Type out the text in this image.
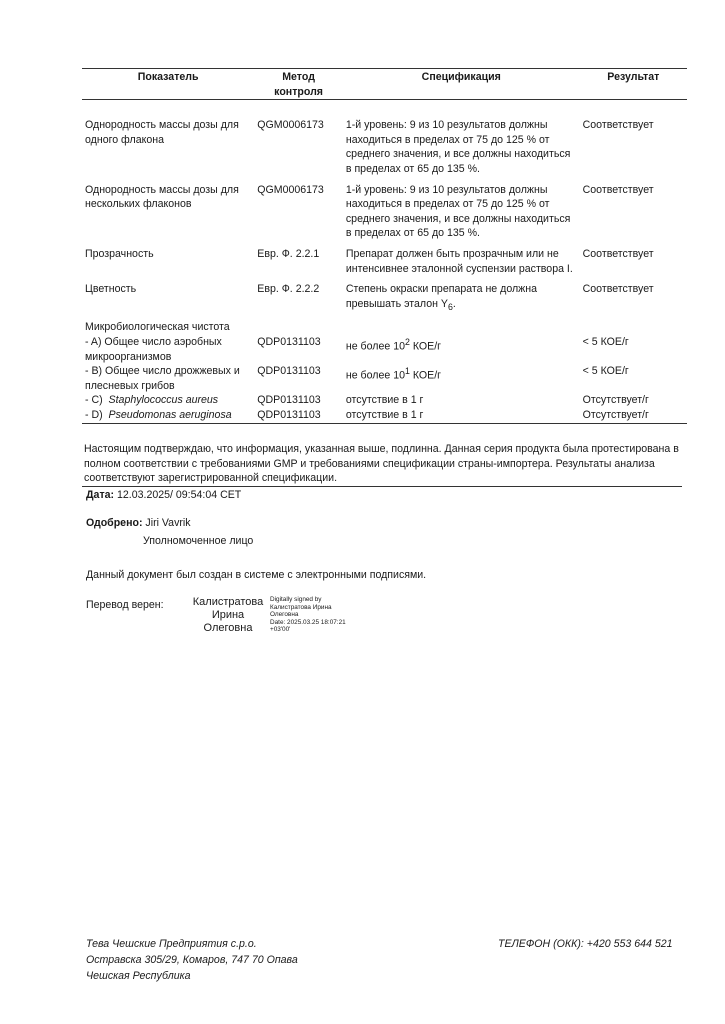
Показатель	Метод контроля	Спецификация	Результат

Однородность массы дозы для одного флакона	QGM0006173	1-й уровень: 9 из 10 результатов должны находиться в пределах от 75 до 125 % от среднего значения, и все должны находиться в пределах от 65 до 135 %.	Соответствует
Однородность массы дозы для нескольких флаконов	QGM0006173	1-й уровень: 9 из 10 результатов должны находиться в пределах от 75 до 125 % от среднего значения, и все должны находиться в пределах от 65 до 135 %.	Соответствует
Прозрачность	Евр. Ф. 2.2.1	Препарат должен быть прозрачным или не интенсивнее эталонной суспензии раствора I.	Соответствует
Цветность	Евр. Ф. 2.2.2	Степень окраски препарата не должна превышать эталон $Y_6$.	Соответствует
Микробиологическая чистота			
- A) Общее число аэробных микроорганизмов	QDP0131103	не более $10^2$ КОЕ/г	< 5 КОЕ/г
- B) Общее число дрожжевых и плесневых грибов	QDP0131103	не более $10^1$ КОЕ/г	< 5 КОЕ/г
- C)  Staphylococcus aureus	QDP0131103	отсутствие в 1 г	Отсутствует/г
- D)  Pseudomonas aeruginosa	QDP0131103	отсутствие в 1 г	Отсутствует/г
Настоящим подтверждаю, что информация, указанная выше, подлинна. Данная серия продукта была протестирована в полном соответствии с требованиями GMP и требованиями спецификации страны-импортера. Результаты анализа соответствуют зарегистрированной спецификации.
Дата: 12.03.2025/ 09:54:04 CET
Одобрено: Jiri Vavrik
Уполномоченное лицо
Данный документ был создан в системе с электронными подписями.
Перевод верен:	Калистратова
Ирина
Олеговна
Digitally signed by
Калистратова Ирина
Олеговна
Date: 2025.03.25 18:07:21
+03'00'
Тева Чешские Предприятия с.р.о.
Остравска 305/29, Комаров, 747 70 Опава
Чешская Республика
ТЕЛЕФОН (ОКК): +420 553 644 521
